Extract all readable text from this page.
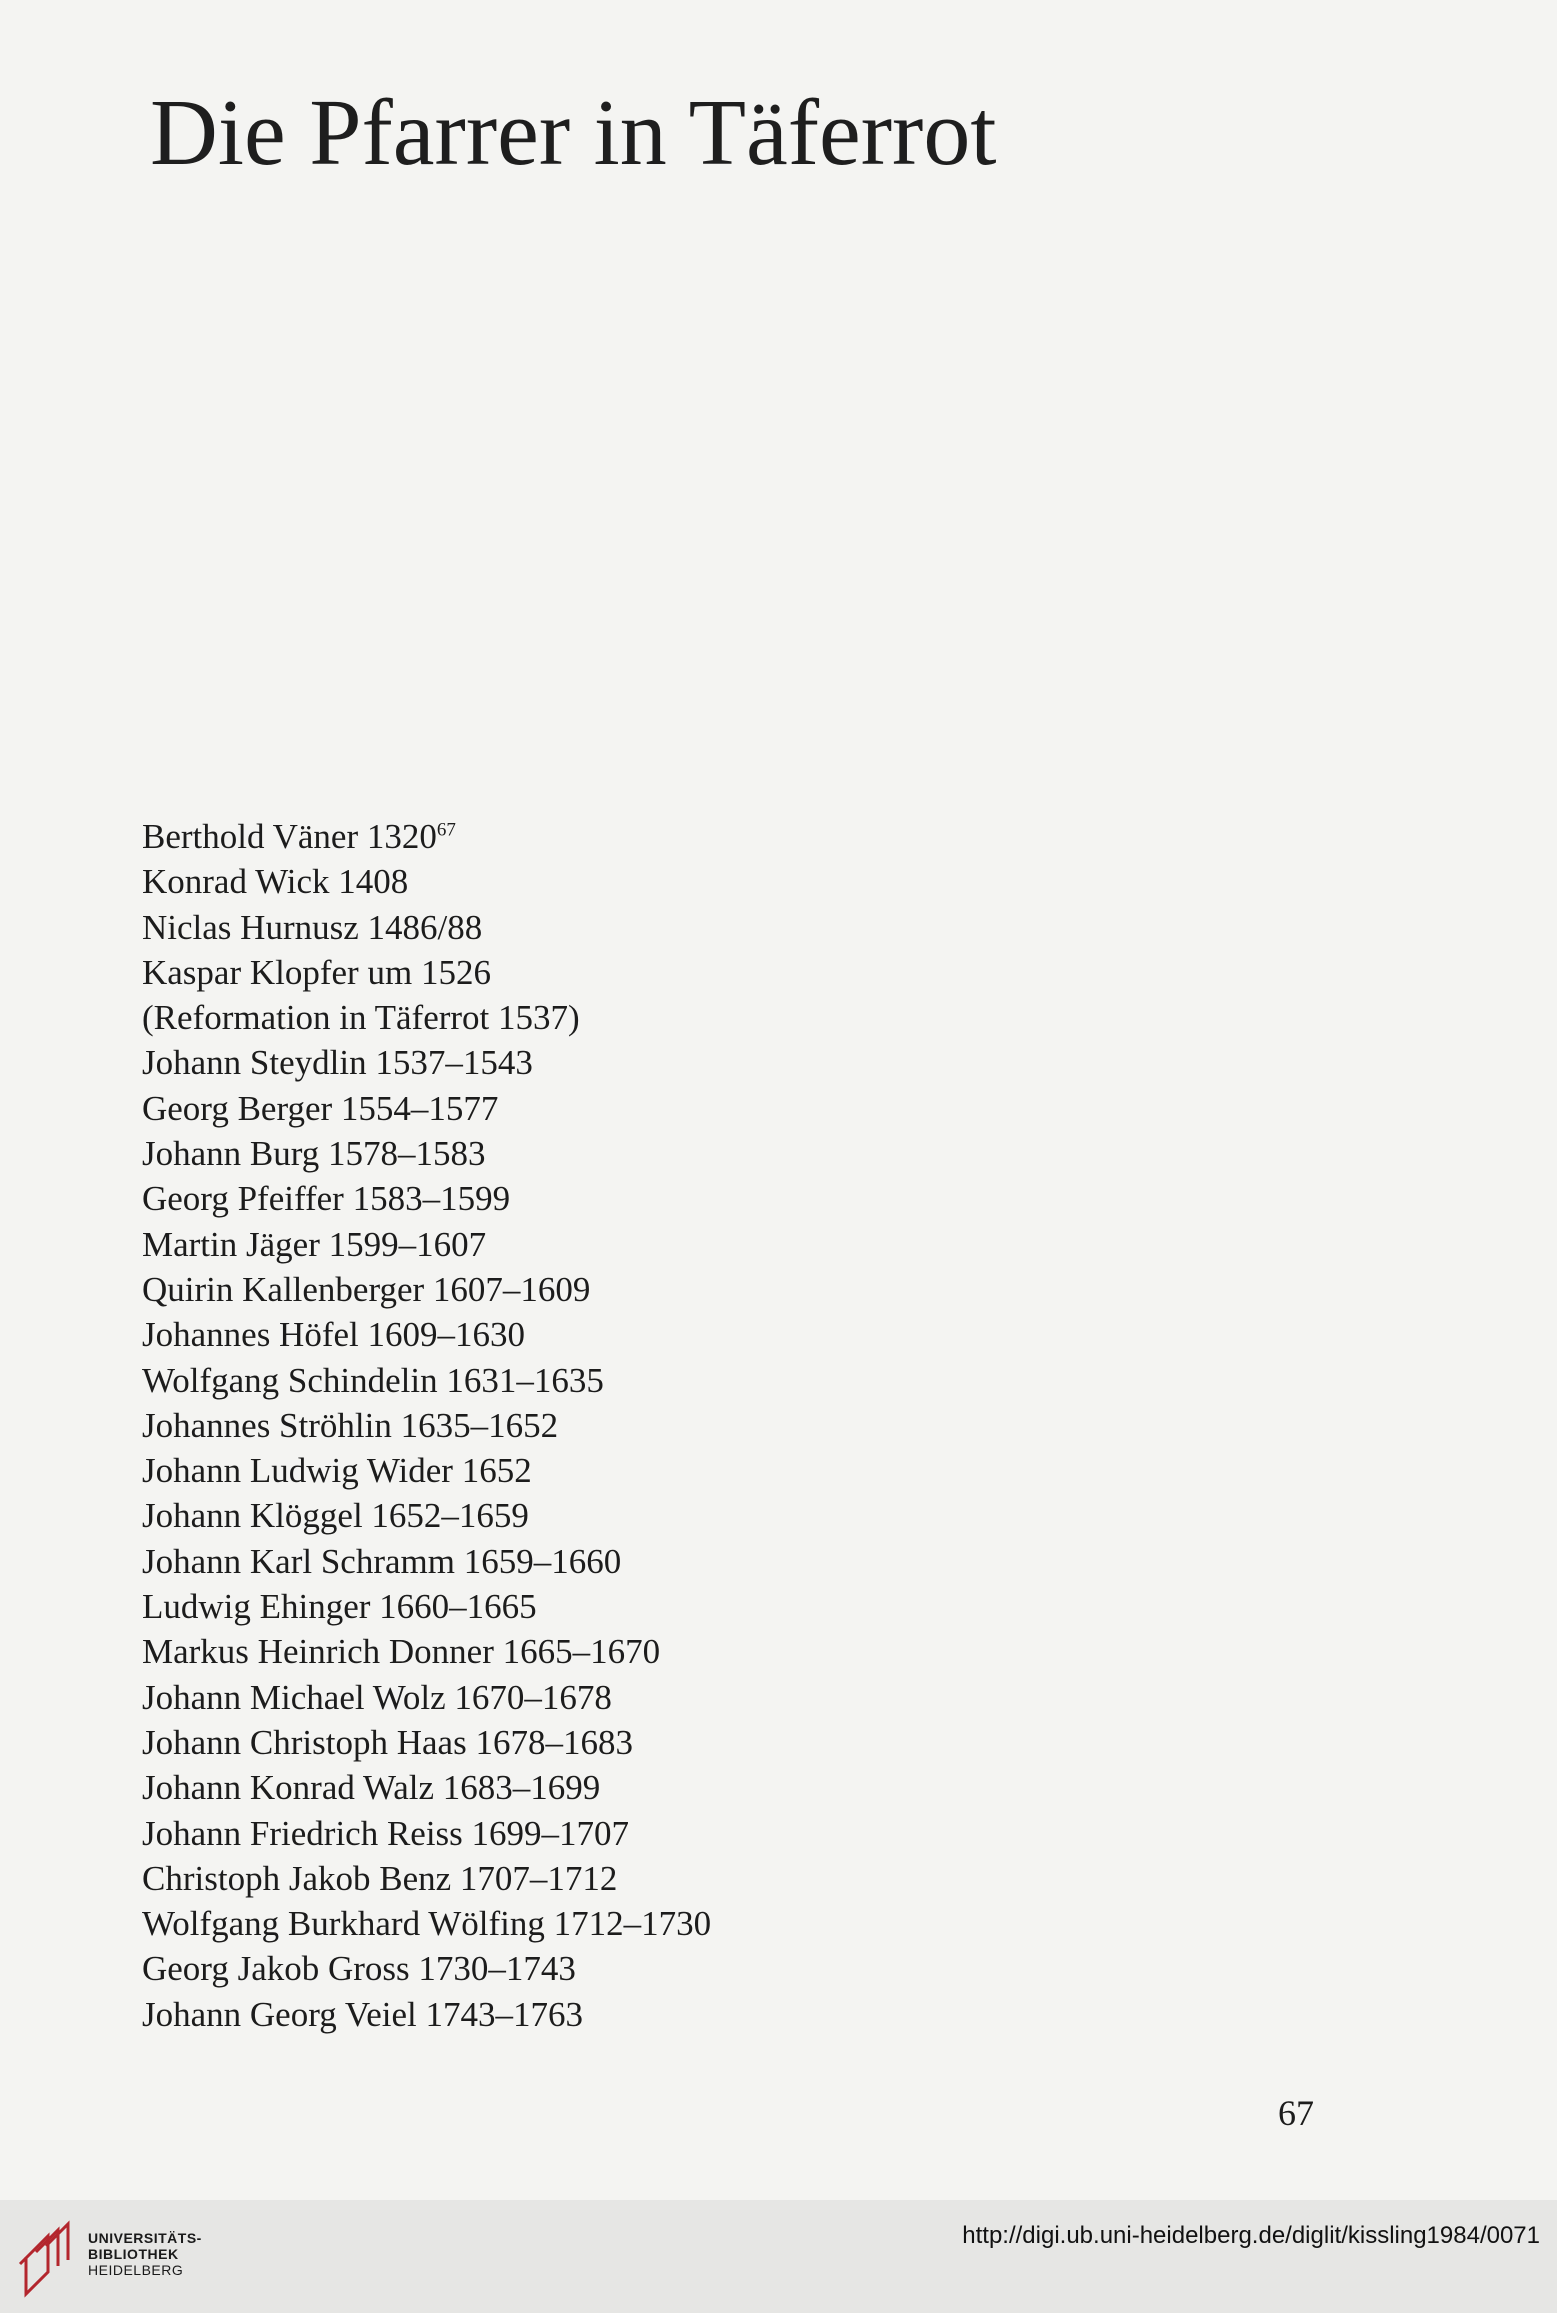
Die Pfarrer in Täferrot
Berthold Väner 1320$^{67}$
Konrad Wick 1408
Niclas Hurnusz 1486/88
Kaspar Klopfer um 1526
(Reformation in Täferrot 1537)
Johann Steydlin 1537–1543
Georg Berger 1554–1577
Johann Burg 1578–1583
Georg Pfeiffer 1583–1599
Martin Jäger 1599–1607
Quirin Kallenberger 1607–1609
Johannes Höfel 1609–1630
Wolfgang Schindelin 1631–1635
Johannes Ströhlin 1635–1652
Johann Ludwig Wider 1652
Johann Klöggel 1652–1659
Johann Karl Schramm 1659–1660
Ludwig Ehinger 1660–1665
Markus Heinrich Donner 1665–1670
Johann Michael Wolz 1670–1678
Johann Christoph Haas 1678–1683
Johann Konrad Walz 1683–1699
Johann Friedrich Reiss 1699–1707
Christoph Jakob Benz 1707–1712
Wolfgang Burkhard Wölfing 1712–1730
Georg Jakob Gross 1730–1743
Johann Georg Veiel 1743–1763
67
UNIVERSITÄTS-
BIBLIOTHEK
HEIDELBERG
http://digi.ub.uni-heidelberg.de/diglit/kissling1984/0071
